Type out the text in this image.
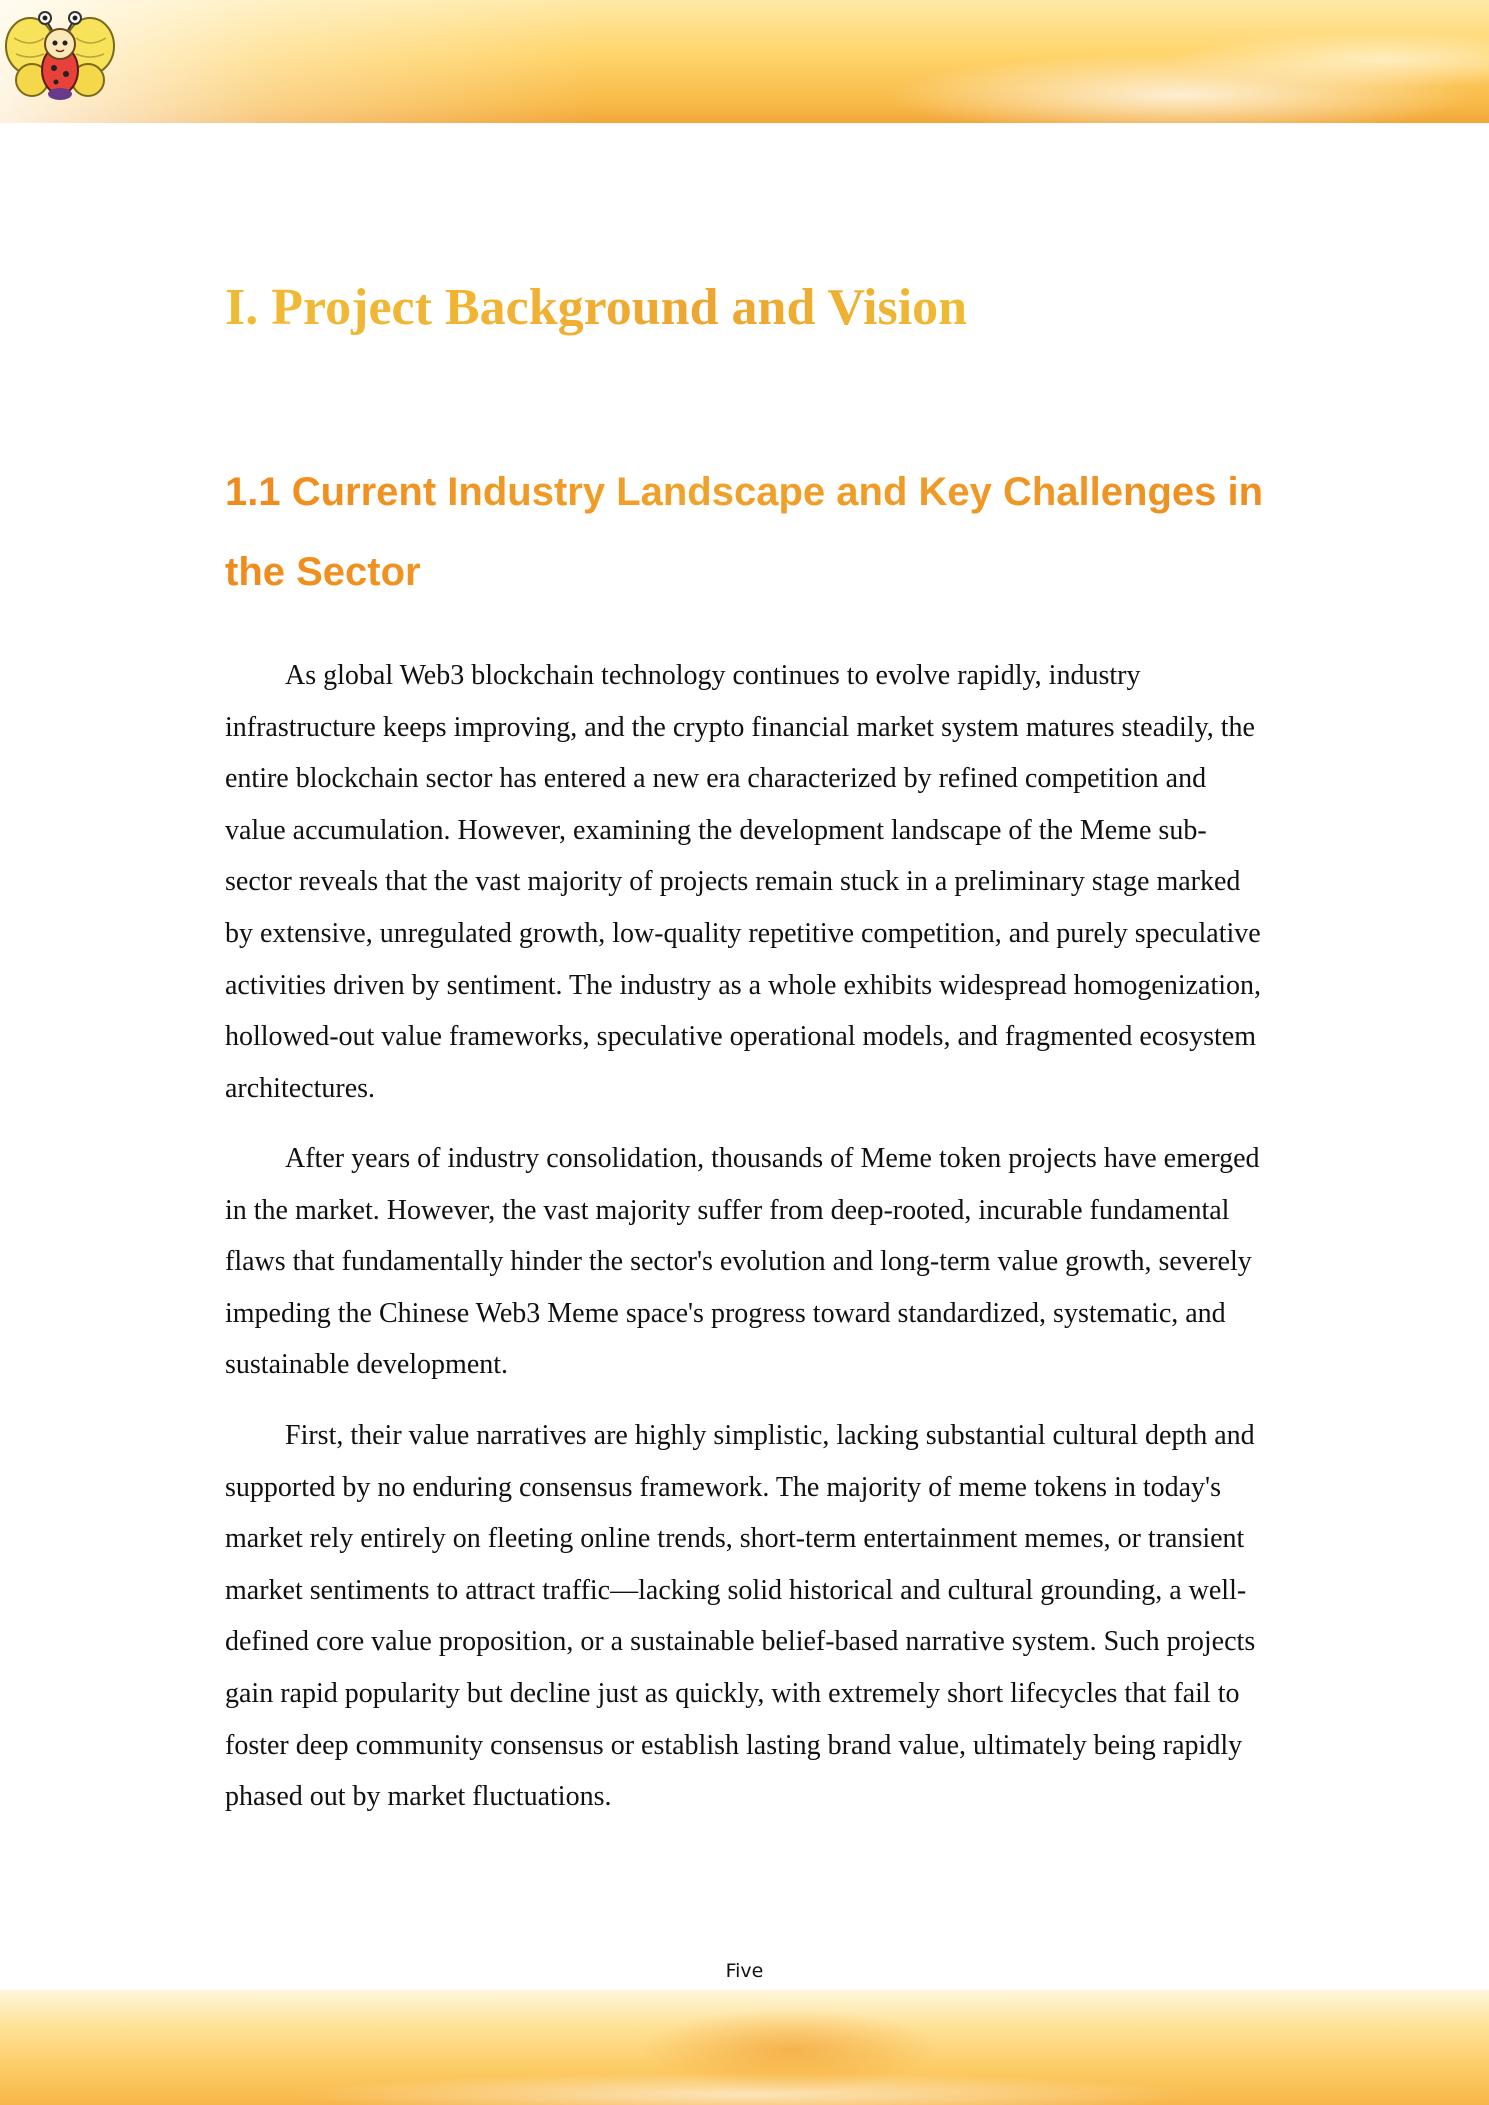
I. Project Background and Vision
1.1 Current Industry Landscape and Key Challenges in the Sector

As global Web3 blockchain technology continues to evolve rapidly, industry infrastructure keeps improving, and the crypto financial market system matures steadily, the entire blockchain sector has entered a new era characterized by refined competition and value accumulation. However, examining the development landscape of the Meme sub-sector reveals that the vast majority of projects remain stuck in a preliminary stage marked by extensive, unregulated growth, low-quality repetitive competition, and purely speculative activities driven by sentiment. The industry as a whole exhibits widespread homogenization, hollowed-out value frameworks, speculative operational models, and fragmented ecosystem architectures.

After years of industry consolidation, thousands of Meme token projects have emerged in the market. However, the vast majority suffer from deep-rooted, incurable fundamental flaws that fundamentally hinder the sector's evolution and long-term value growth, severely impeding the Chinese Web3 Meme space's progress toward standardized, systematic, and sustainable development.

First, their value narratives are highly simplistic, lacking substantial cultural depth and supported by no enduring consensus framework. The majority of meme tokens in today's market rely entirely on fleeting online trends, short-term entertainment memes, or transient market sentiments to attract traffic—lacking solid historical and cultural grounding, a well-defined core value proposition, or a sustainable belief-based narrative system. Such projects gain rapid popularity but decline just as quickly, with extremely short lifecycles that fail to foster deep community consensus or establish lasting brand value, ultimately being rapidly phased out by market fluctuations.

Five
